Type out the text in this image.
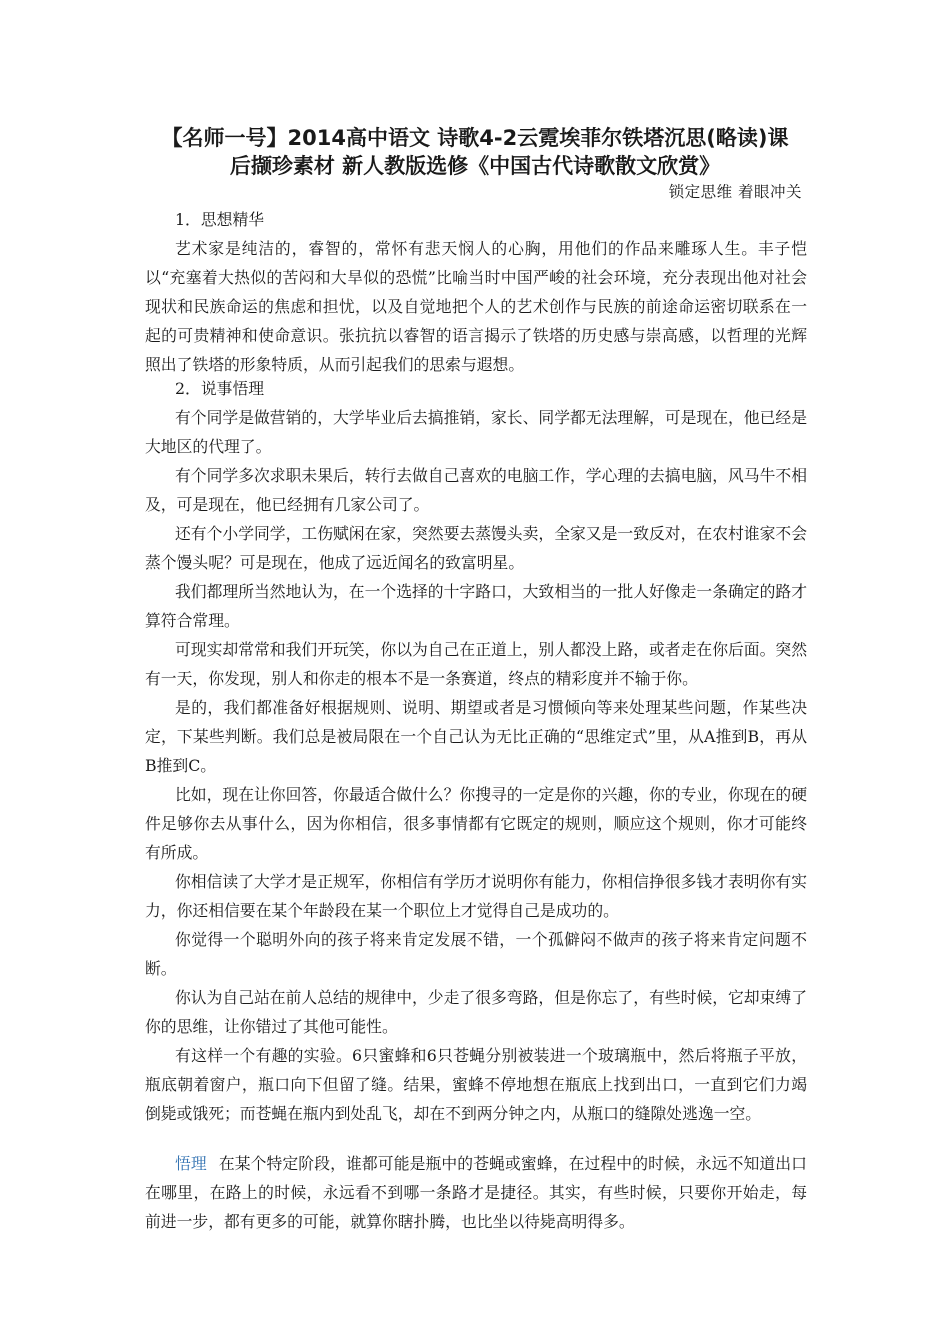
【名师一号】2014高中语文 诗歌4-2云霓埃菲尔铁塔沉思(略读)课
后撷珍素材 新人教版选修《中国古代诗歌散文欣赏》
锁定思维 着眼冲关
1．思想精华

艺术家是纯洁的，睿智的，常怀有悲天悯人的心胸，用他们的作品来雕琢人生。丰子恺以“充塞着大热似的苦闷和大旱似的恐慌”比喻当时中国严峻的社会环境，充分表现出他对社会现状和民族命运的焦虑和担忧，以及自觉地把个人的艺术创作与民族的前途命运密切联系在一起的可贵精神和使命意识。张抗抗以睿智的语言揭示了铁塔的历史感与崇高感，以哲理的光辉照出了铁塔的形象特质，从而引起我们的思索与遐想。

2．说事悟理

有个同学是做营销的，大学毕业后去搞推销，家长、同学都无法理解，可是现在，他已经是大地区的代理了。

有个同学多次求职未果后，转行去做自己喜欢的电脑工作，学心理的去搞电脑，风马牛不相及，可是现在，他已经拥有几家公司了。

还有个小学同学，工伤赋闲在家，突然要去蒸馒头卖，全家又是一致反对，在农村谁家不会蒸个馒头呢？可是现在，他成了远近闻名的致富明星。

我们都理所当然地认为，在一个选择的十字路口，大致相当的一批人好像走一条确定的路才算符合常理。

可现实却常常和我们开玩笑，你以为自己在正道上，别人都没上路，或者走在你后面。突然有一天，你发现，别人和你走的根本不是一条赛道，终点的精彩度并不输于你。

是的，我们都准备好根据规则、说明、期望或者是习惯倾向等来处理某些问题，作某些决定，下某些判断。我们总是被局限在一个自己认为无比正确的“思维定式”里，从A推到B，再从B推到C。

比如，现在让你回答，你最适合做什么？你搜寻的一定是你的兴趣，你的专业，你现在的硬件足够你去从事什么，因为你相信，很多事情都有它既定的规则，顺应这个规则，你才可能终有所成。

你相信读了大学才是正规军，你相信有学历才说明你有能力，你相信挣很多钱才表明你有实力，你还相信要在某个年龄段在某一个职位上才觉得自己是成功的。

你觉得一个聪明外向的孩子将来肯定发展不错，一个孤僻闷不做声的孩子将来肯定问题不断。

你认为自己站在前人总结的规律中，少走了很多弯路，但是你忘了，有些时候，它却束缚了你的思维，让你错过了其他可能性。

有这样一个有趣的实验。6只蜜蜂和6只苍蝇分别被装进一个玻璃瓶中，然后将瓶子平放，瓶底朝着窗户，瓶口向下但留了缝。结果，蜜蜂不停地想在瓶底上找到出口，一直到它们力竭倒毙或饿死；而苍蝇在瓶内到处乱飞，却在不到两分钟之内，从瓶口的缝隙处逃逸一空。

悟理 在某个特定阶段，谁都可能是瓶中的苍蝇或蜜蜂，在过程中的时候，永远不知道出口在哪里，在路上的时候，永远看不到哪一条路才是捷径。其实，有些时候，只要你开始走，每前进一步，都有更多的可能，就算你瞎扑腾，也比坐以待毙高明得多。
